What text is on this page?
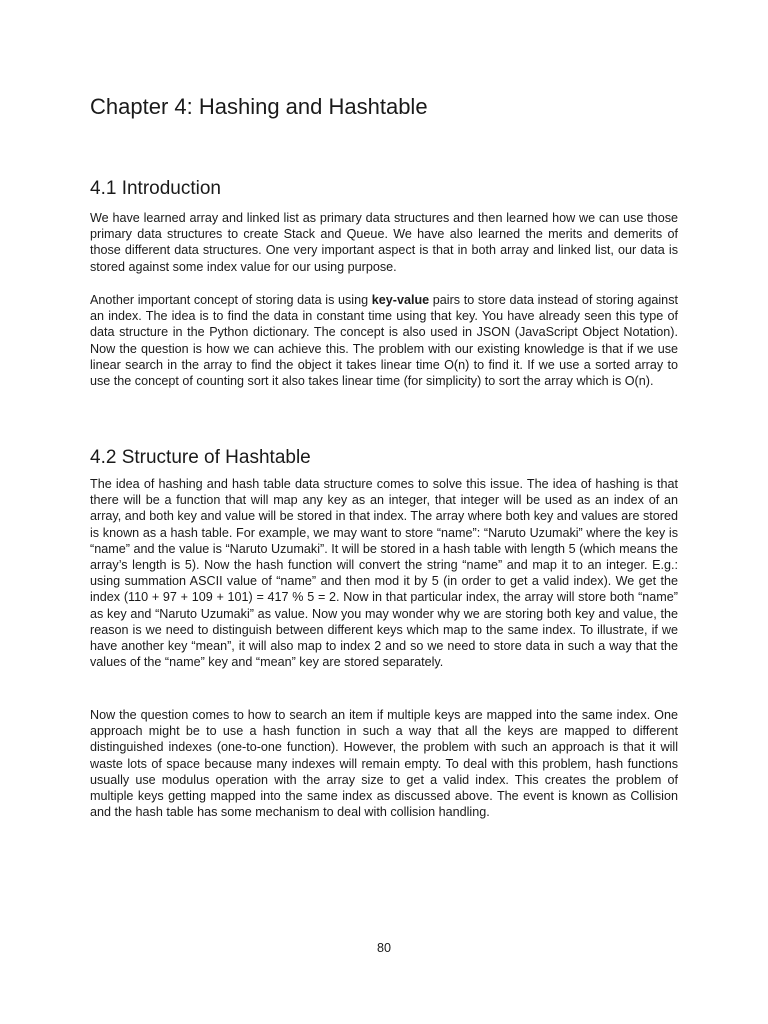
Chapter 4: Hashing and Hashtable
4.1 Introduction

We have learned array and linked list as primary data structures and then learned how we can use those primary data structures to create Stack and Queue. We have also learned the merits and demerits of those different data structures. One very important aspect is that in both array and linked list, our data is stored against some index value for our using purpose.

Another important concept of storing data is using key-value pairs to store data instead of storing against an index. The idea is to find the data in constant time using that key. You have already seen this type of data structure in the Python dictionary. The concept is also used in JSON (JavaScript Object Notation). Now the question is how we can achieve this. The problem with our existing knowledge is that if we use linear search in the array to find the object it takes linear time O(n) to find it. If we use a sorted array to use the concept of counting sort it also takes linear time (for simplicity) to sort the array which is O(n).

4.2 Structure of Hashtable

The idea of hashing and hash table data structure comes to solve this issue. The idea of hashing is that there will be a function that will map any key as an integer, that integer will be used as an index of an array, and both key and value will be stored in that index. The array where both key and values are stored is known as a hash table. For example, we may want to store “name”: “Naruto Uzumaki” where the key is “name” and the value is “Naruto Uzumaki”. It will be stored in a hash table with length 5 (which means the array’s length is 5). Now the hash function will convert the string “name” and map it to an integer. E.g.: using summation ASCII value of “name” and then mod it by 5 (in order to get a valid index). We get the index (110 + 97 + 109 + 101) = 417 % 5 = 2. Now in that particular index, the array will store both “name” as key and “Naruto Uzumaki” as value. Now you may wonder why we are storing both key and value, the reason is we need to distinguish between different keys which map to the same index. To illustrate, if we have another key “mean”, it will also map to index 2 and so we need to store data in such a way that the values of the “name” key and “mean” key are stored separately.

Now the question comes to how to search an item if multiple keys are mapped into the same index. One approach might be to use a hash function in such a way that all the keys are mapped to different distinguished indexes (one-to-one function). However, the problem with such an approach is that it will waste lots of space because many indexes will remain empty. To deal with this problem, hash functions usually use modulus operation with the array size to get a valid index. This creates the problem of multiple keys getting mapped into the same index as discussed above. The event is known as Collision and the hash table has some mechanism to deal with collision handling.

80
